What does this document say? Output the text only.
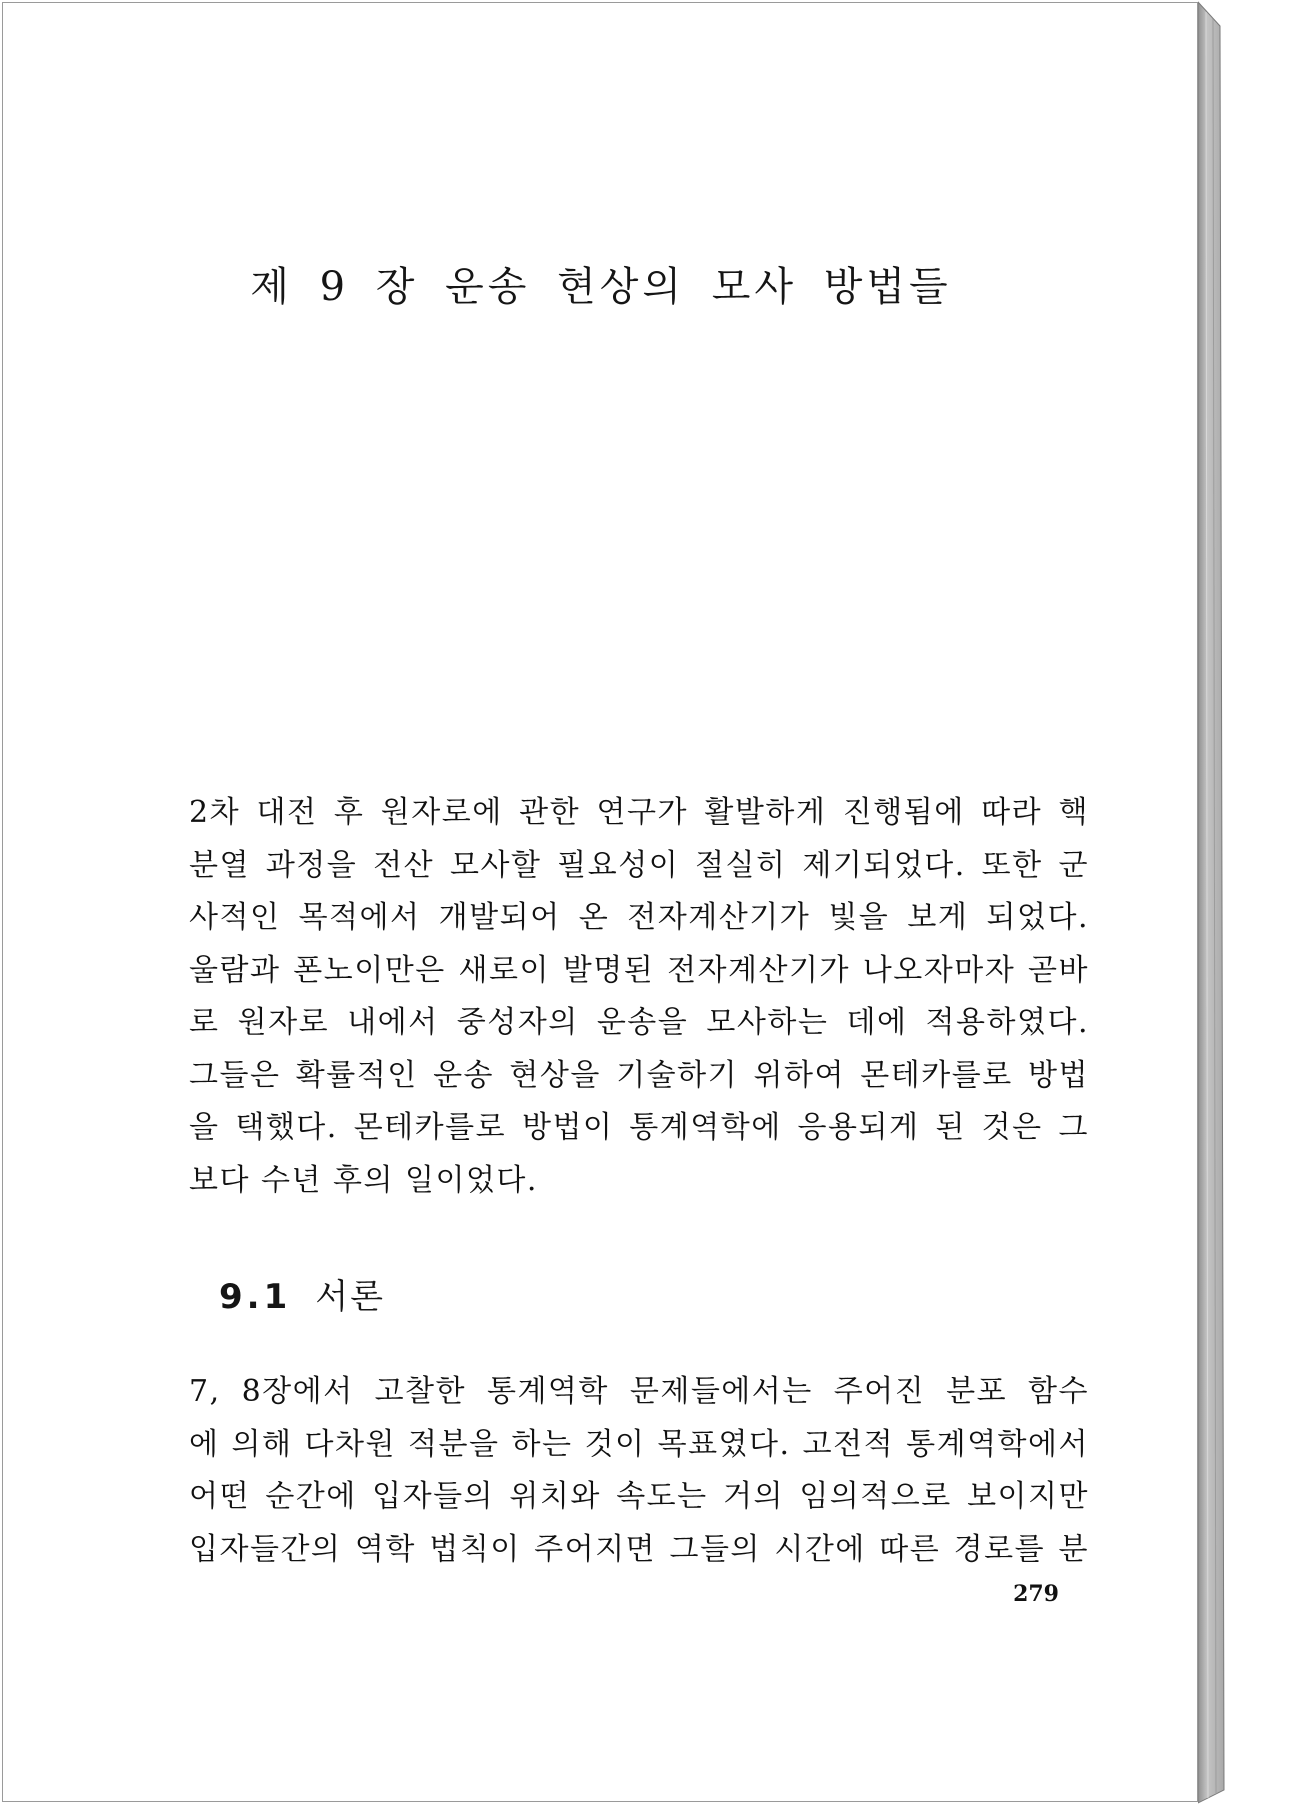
제 9 장 운송 현상의 모사 방법들
2차 대전 후 원자로에 관한 연구가 활발하게 진행됨에 따라 핵
분열 과정을 전산 모사할 필요성이 절실히 제기되었다. 또한 군
사적인 목적에서 개발되어 온 전자계산기가 빛을 보게 되었다.
울람과 폰노이만은 새로이 발명된 전자계산기가 나오자마자 곧바
로 원자로 내에서 중성자의 운송을 모사하는 데에 적용하였다.
그들은 확률적인 운송 현상을 기술하기 위하여 몬테카를로 방법
을 택했다. 몬테카를로 방법이 통계역학에 응용되게 된 것은 그
보다 수년 후의 일이었다.
9.1 서론
7, 8장에서 고찰한 통계역학 문제들에서는 주어진 분포 함수
에 의해 다차원 적분을 하는 것이 목표였다. 고전적 통계역학에서
어떤 순간에 입자들의 위치와 속도는 거의 임의적으로 보이지만
입자들간의 역학 법칙이 주어지면 그들의 시간에 따른 경로를 분

279
